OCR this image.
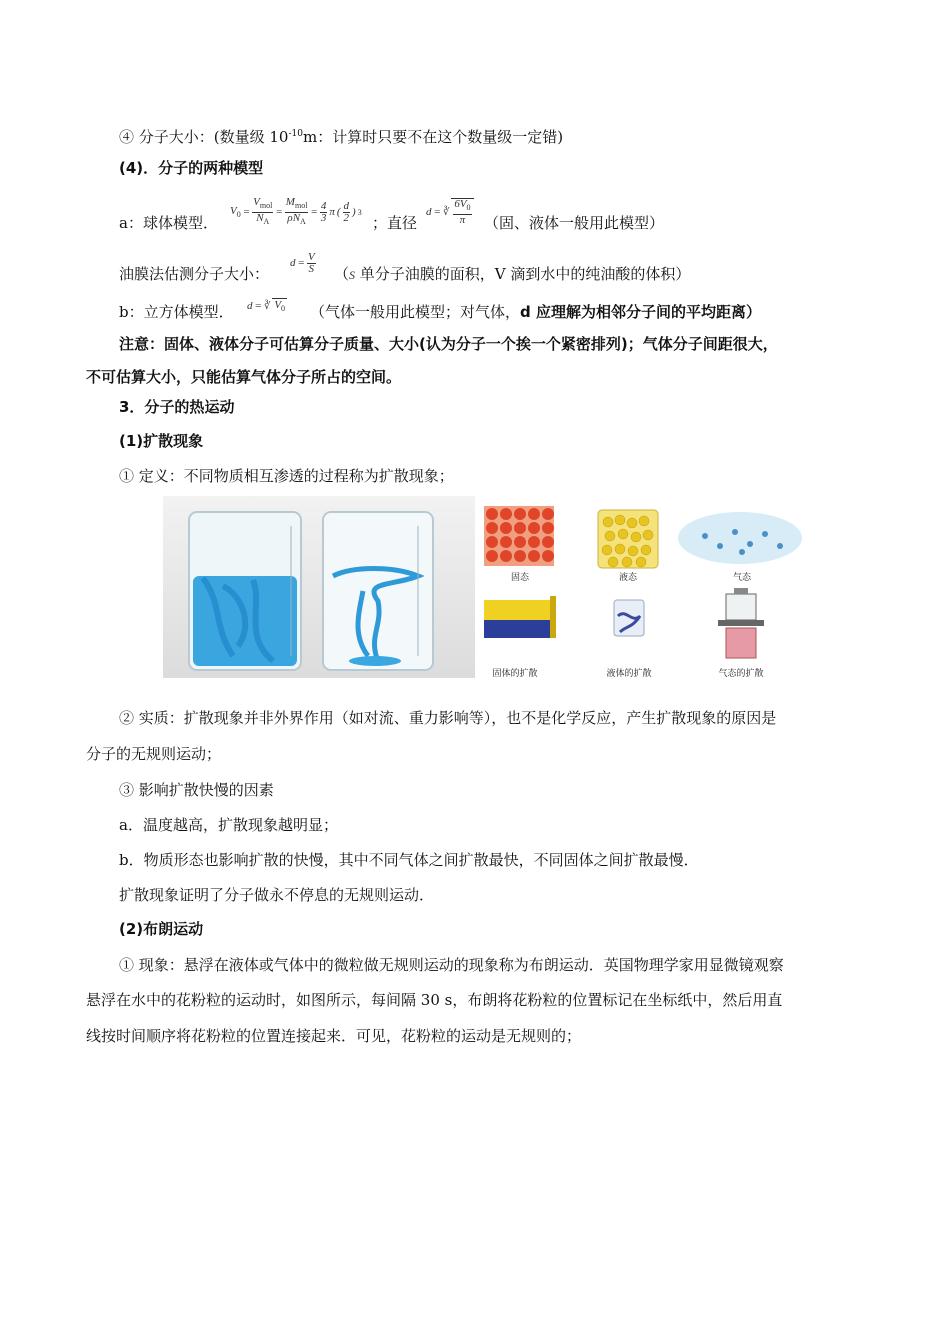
④ 分子大小：(数量级 $10^{-10}m$：计算时只要不在这个数量级一定错)
(4)．分子的两种模型
a：球体模型．
$V_0 = \frac{V_{mol}}{N_A} = \frac{M_{mol}}{\rho N_A} = \frac{4}{3}$ π ( $\frac{d}{2}$ ) 3
；直径
d = ∛ $\frac{6V_0}{\pi}$ （固、液体一般用此模型）
油膜法估测分子大小：
$d = \frac{V}{S} (S$ 单分子油膜的面积，V 滴到水中的纯油酸的体积）
b：立方体模型． d = ∛ $V_0$ （气体一般用此模型；对气体，d 应理解为相邻分子间的平均距离）
注意：固体、液体分子可估算分子质量、大小(认为分子一个挨一个紧密排列)；气体分子间距很大，
不可估算大小，只能估算气体分子所占的空间。
3．分子的热运动
(1)扩散现象
① 定义：不同物质相互渗透的过程称为扩散现象；
固态	液态	气态
固体的扩散	液体的扩散	气态的扩散
② 实质：扩散现象并非外界作用（如对流、重力影响等），也不是化学反应，产生扩散现象的原因是
分子的无规则运动；
③ 影响扩散快慢的因素
a．温度越高，扩散现象越明显；
b．物质形态也影响扩散的快慢，其中不同气体之间扩散最快，不同固体之间扩散最慢．
扩散现象证明了分子做永不停息的无规则运动．
(2)布朗运动
① 现象：悬浮在液体或气体中的微粒做无规则运动的现象称为布朗运动．英国物理学家用显微镜观察
悬浮在水中的花粉粒的运动时，如图所示，每间隔 30 s，布朗将花粉粒的位置标记在坐标纸中，然后用直
线按时间顺序将花粉粒的位置连接起来．可见，花粉粒的运动是无规则的；
